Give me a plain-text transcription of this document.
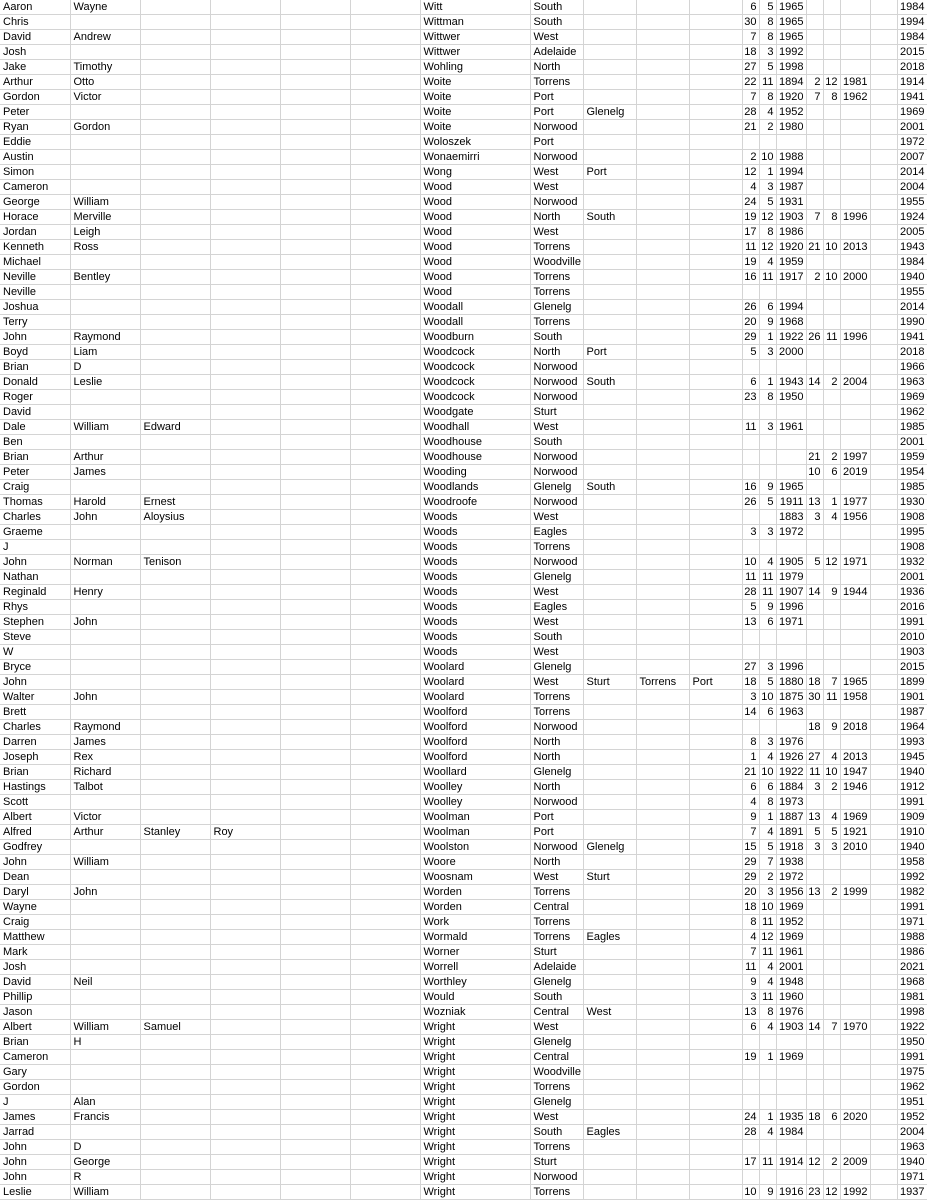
Aaron	Wayne					Witt	South				6	5	1965					1984
Chris						Wittman	South				30	8	1965					1994
David	Andrew					Wittwer	West				7	8	1965					1984
Josh						Wittwer	Adelaide				18	3	1992					2015
Jake	Timothy					Wohling	North				27	5	1998					2018
Arthur	Otto					Woite	Torrens				22	11	1894	2	12	1981		1914
Gordon	Victor					Woite	Port				7	8	1920	7	8	1962		1941
Peter						Woite	Port	Glenelg			28	4	1952					1969
Ryan	Gordon					Woite	Norwood				21	2	1980					2001
Eddie						Woloszek	Port											1972
Austin						Wonaemirri	Norwood				2	10	1988					2007
Simon						Wong	West	Port			12	1	1994					2014
Cameron						Wood	West				4	3	1987					2004
George	William					Wood	Norwood				24	5	1931					1955
Horace	Merville					Wood	North	South			19	12	1903	7	8	1996		1924
Jordan	Leigh					Wood	West				17	8	1986					2005
Kenneth	Ross					Wood	Torrens				11	12	1920	21	10	2013		1943
Michael						Wood	Woodville				19	4	1959					1984
Neville	Bentley					Wood	Torrens				16	11	1917	2	10	2000		1940
Neville						Wood	Torrens											1955
Joshua						Woodall	Glenelg				26	6	1994					2014
Terry						Woodall	Torrens				20	9	1968					1990
John	Raymond					Woodburn	South				29	1	1922	26	11	1996		1941
Boyd	Liam					Woodcock	North	Port			5	3	2000					2018
Brian	D					Woodcock	Norwood											1966
Donald	Leslie					Woodcock	Norwood	South			6	1	1943	14	2	2004		1963
Roger						Woodcock	Norwood				23	8	1950					1969
David						Woodgate	Sturt											1962
Dale	William	Edward				Woodhall	West				11	3	1961					1985
Ben						Woodhouse	South											2001
Brian	Arthur					Woodhouse	Norwood							21	2	1997		1959
Peter	James					Wooding	Norwood							10	6	2019		1954
Craig						Woodlands	Glenelg	South			16	9	1965					1985
Thomas	Harold	Ernest				Woodroofe	Norwood				26	5	1911	13	1	1977		1930
Charles	John	Aloysius				Woods	West						1883	3	4	1956		1908
Graeme						Woods	Eagles				3	3	1972					1995
J						Woods	Torrens											1908
John	Norman	Tenison				Woods	Norwood				10	4	1905	5	12	1971		1932
Nathan						Woods	Glenelg				11	11	1979					2001
Reginald	Henry					Woods	West				28	11	1907	14	9	1944		1936
Rhys						Woods	Eagles				5	9	1996					2016
Stephen	John					Woods	West				13	6	1971					1991
Steve						Woods	South											2010
W						Woods	West											1903
Bryce						Woolard	Glenelg				27	3	1996					2015
John						Woolard	West	Sturt	Torrens	Port	18	5	1880	18	7	1965		1899
Walter	John					Woolard	Torrens				3	10	1875	30	11	1958		1901
Brett						Woolford	Torrens				14	6	1963					1987
Charles	Raymond					Woolford	Norwood							18	9	2018		1964
Darren	James					Woolford	North				8	3	1976					1993
Joseph	Rex					Woolford	North				1	4	1926	27	4	2013		1945
Brian	Richard					Woollard	Glenelg				21	10	1922	11	10	1947		1940
Hastings	Talbot					Woolley	North				6	6	1884	3	2	1946		1912
Scott						Woolley	Norwood				4	8	1973					1991
Albert	Victor					Woolman	Port				9	1	1887	13	4	1969		1909
Alfred	Arthur	Stanley	Roy			Woolman	Port				7	4	1891	5	5	1921		1910
Godfrey						Woolston	Norwood	Glenelg			15	5	1918	3	3	2010		1940
John	William					Woore	North				29	7	1938					1958
Dean						Woosnam	West	Sturt			29	2	1972					1992
Daryl	John					Worden	Torrens				20	3	1956	13	2	1999		1982
Wayne						Worden	Central				18	10	1969					1991
Craig						Work	Torrens				8	11	1952					1971
Matthew						Wormald	Torrens	Eagles			4	12	1969					1988
Mark						Worner	Sturt				7	11	1961					1986
Josh						Worrell	Adelaide				11	4	2001					2021
David	Neil					Worthley	Glenelg				9	4	1948					1968
Phillip						Would	South				3	11	1960					1981
Jason						Wozniak	Central	West			13	8	1976					1998
Albert	William	Samuel				Wright	West				6	4	1903	14	7	1970		1922
Brian	H					Wright	Glenelg											1950
Cameron						Wright	Central				19	1	1969					1991
Gary						Wright	Woodville											1975
Gordon						Wright	Torrens											1962
J	Alan					Wright	Glenelg											1951
James	Francis					Wright	West				24	1	1935	18	6	2020		1952
Jarrad						Wright	South	Eagles			28	4	1984					2004
John	D					Wright	Torrens											1963
John	George					Wright	Sturt				17	11	1914	12	2	2009		1940
John	R					Wright	Norwood											1971
Leslie	William					Wright	Torrens				10	9	1916	23	12	1992		1937
